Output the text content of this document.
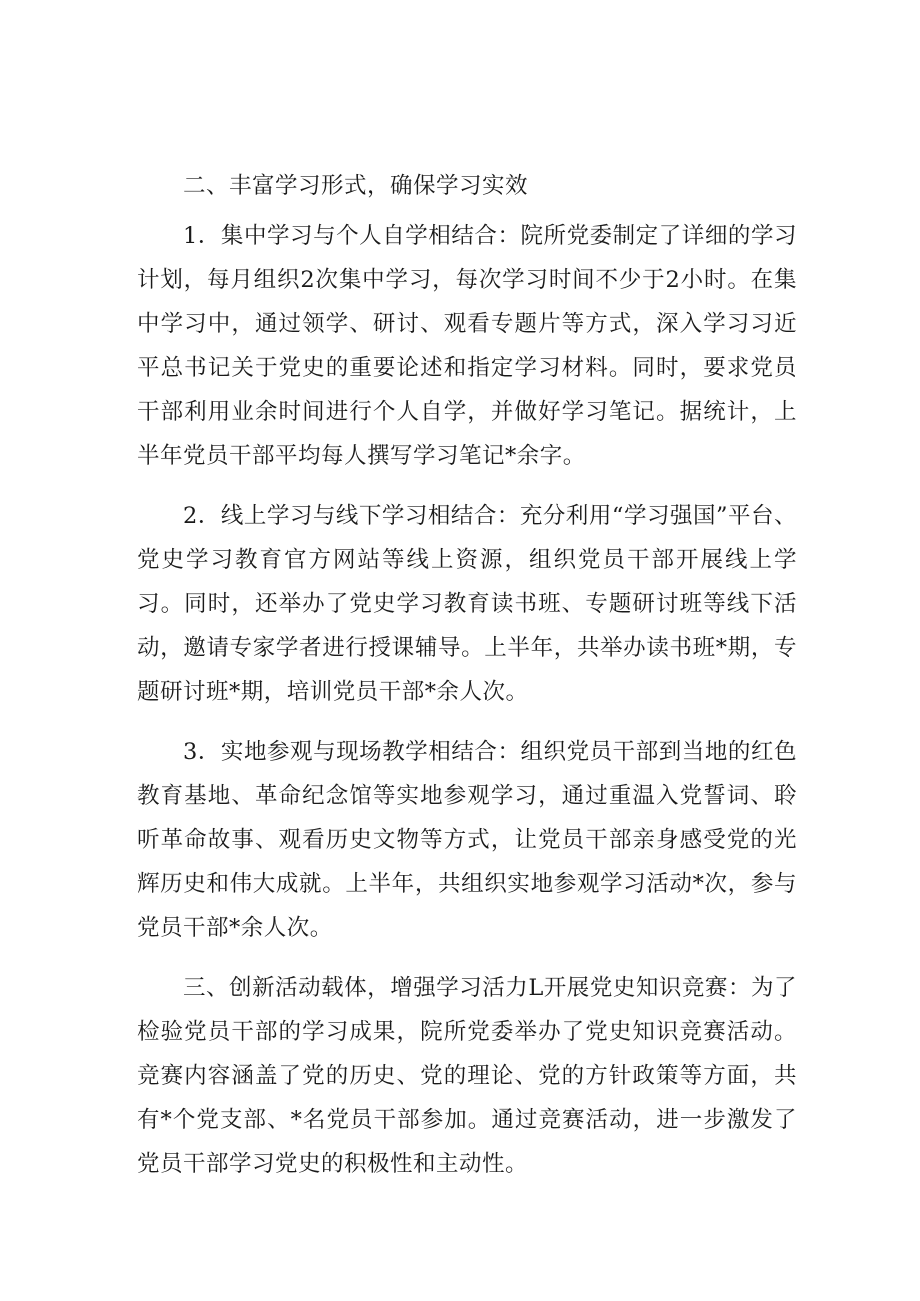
二、丰富学习形式，确保学习实效

1．集中学习与个人自学相结合：院所党委制定了详细的学习计划，每月组织2次集中学习，每次学习时间不少于2小时。在集中学习中，通过领学、研讨、观看专题片等方式，深入学习习近平总书记关于党史的重要论述和指定学习材料。同时，要求党员干部利用业余时间进行个人自学，并做好学习笔记。据统计，上半年党员干部平均每人撰写学习笔记*余字。

2．线上学习与线下学习相结合：充分利用“学习强国”平台、党史学习教育官方网站等线上资源，组织党员干部开展线上学习。同时，还举办了党史学习教育读书班、专题研讨班等线下活动，邀请专家学者进行授课辅导。上半年，共举办读书班*期，专题研讨班*期，培训党员干部*余人次。

3．实地参观与现场教学相结合：组织党员干部到当地的红色教育基地、革命纪念馆等实地参观学习，通过重温入党誓词、聆听革命故事、观看历史文物等方式，让党员干部亲身感受党的光辉历史和伟大成就。上半年，共组织实地参观学习活动*次，参与党员干部*余人次。

三、创新活动载体，增强学习活力L开展党史知识竞赛：为了检验党员干部的学习成果，院所党委举办了党史知识竞赛活动。竞赛内容涵盖了党的历史、党的理论、党的方针政策等方面，共有*个党支部、*名党员干部参加。通过竞赛活动，进一步激发了党员干部学习党史的积极性和主动性。
